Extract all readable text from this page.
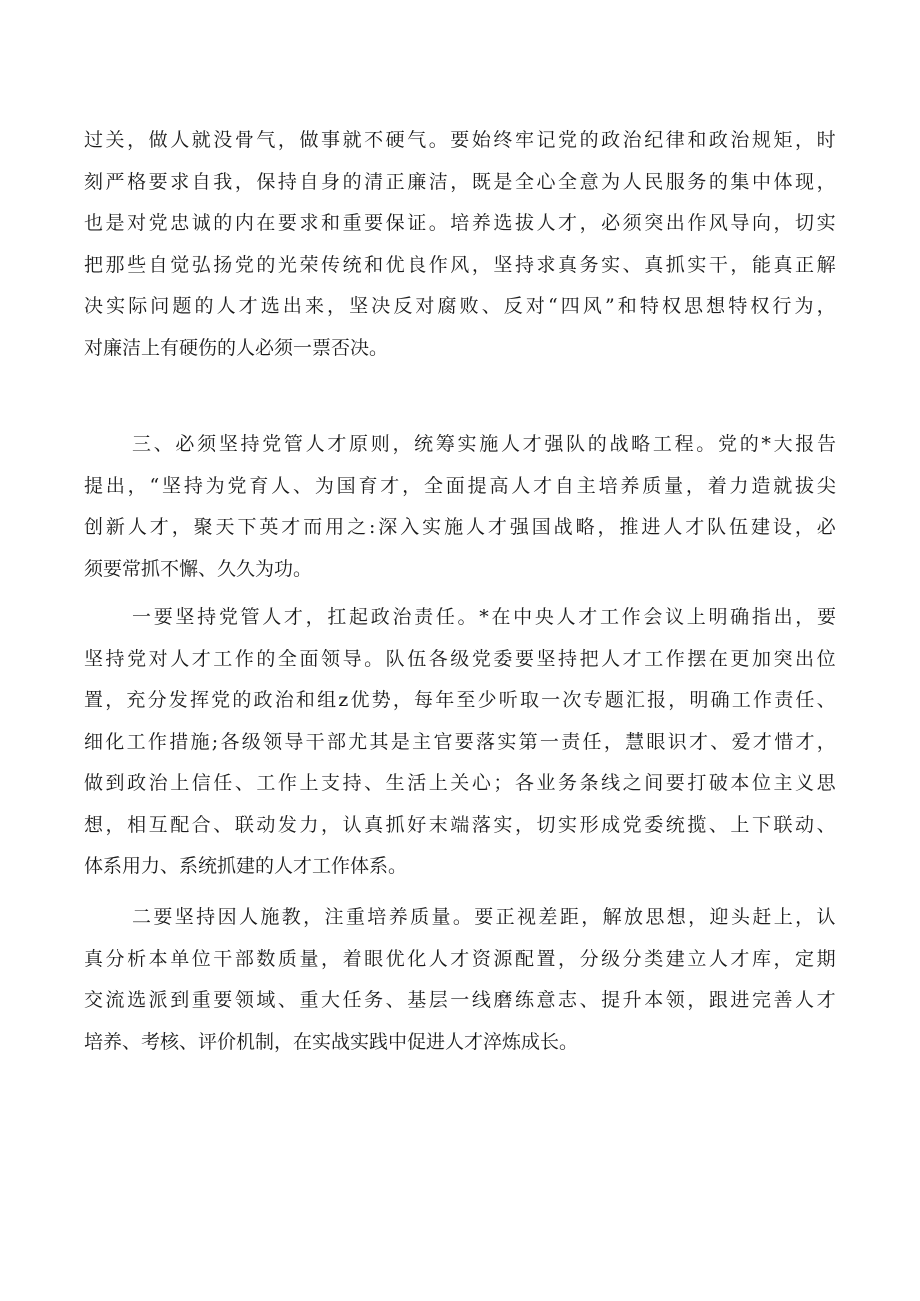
过 关 ， 做 人 就 没 骨 气 ， 做 事 就 不 硬 气 。 要 始 终 牢 记 党 的 政 治 纪 律 和 政 治 规 矩 ， 时
刻 严 格 要 求 自 我 ， 保 持 自 身 的 清 正 廉 洁 ， 既 是 全 心 全 意 为 人 民 服 务 的 集 中 体 现 ，
也 是 对 党 忠 诚 的 内 在 要 求 和 重 要 保 证 。 培 养 选 拔 人 才 ， 必 须 突 出 作 风 导 向 ， 切 实
把 那 些 自 觉 弘 扬 党 的 光 荣 传 统 和 优 良 作 风 ， 坚 持 求 真 务 实 、 真 抓 实 干 ， 能 真 正 解
决 实 际 问 题 的 人 才 选 出 来 ， 坚 决 反 对 腐 败 、 反 对 “ 四 风 ” 和 特 权 思 想 特 权 行 为 ，
对廉洁上有硬伤的人必须一票否决。
三 、 必 须 坚 持 党 管 人 才 原 则 ， 统 筹 实 施 人 才 强 队 的 战 略 工 程 。 党 的 * 大 报 告
提 出 ， “ 坚 持 为 党 育 人 、 为 国 育 才 ， 全 面 提 高 人 才 自 主 培 养 质 量 ， 着 力 造 就 拔 尖
创 新 人 才 ， 聚 天 下 英 才 而 用 之 : 深 入 实 施 人 才 强 国 战 略 ， 推 进 人 才 队 伍 建 设 ， 必
须要常抓不懈、久久为功。
一 要 坚 持 党 管 人 才 ， 扛 起 政 治 责 任 。 * 在 中 央 人 才 工 作 会 议 上 明 确 指 出 ， 要
坚 持 党 对 人 才 工 作 的 全 面 领 导 。 队 伍 各 级 党 委 要 坚 持 把 人 才 工 作 摆 在 更 加 突 出 位
置 ， 充 分 发 挥 党 的 政 治 和 组 z 优 势 ， 每 年 至 少 听 取 一 次 专 题 汇 报 ， 明 确 工 作 责 任 、
细 化 工 作 措 施 ; 各 级 领 导 干 部 尤 其 是 主 官 要 落 实 第 一 责 任 ， 慧 眼 识 才 、 爱 才 惜 才 ，
做 到 政 治 上 信 任 、 工 作 上 支 持 、 生 活 上 关 心 ； 各 业 务 条 线 之 间 要 打 破 本 位 主 义 思
想 ， 相 互 配 合 、 联 动 发 力 ， 认 真 抓 好 末 端 落 实 ， 切 实 形 成 党 委 统 揽 、 上 下 联 动 、
体系用力、系统抓建的人才工作体系。
二 要 坚 持 因 人 施 教 ， 注 重 培 养 质 量 。 要 正 视 差 距 ， 解 放 思 想 ， 迎 头 赶 上 ， 认
真 分 析 本 单 位 干 部 数 质 量 ， 着 眼 优 化 人 才 资 源 配 置 ， 分 级 分 类 建 立 人 才 库 ， 定 期
交 流 选 派 到 重 要 领 域 、 重 大 任 务 、 基 层 一 线 磨 练 意 志 、 提 升 本 领 ， 跟 进 完 善 人 才
培养、考核、评价机制，在实战实践中促进人才淬炼成长。
